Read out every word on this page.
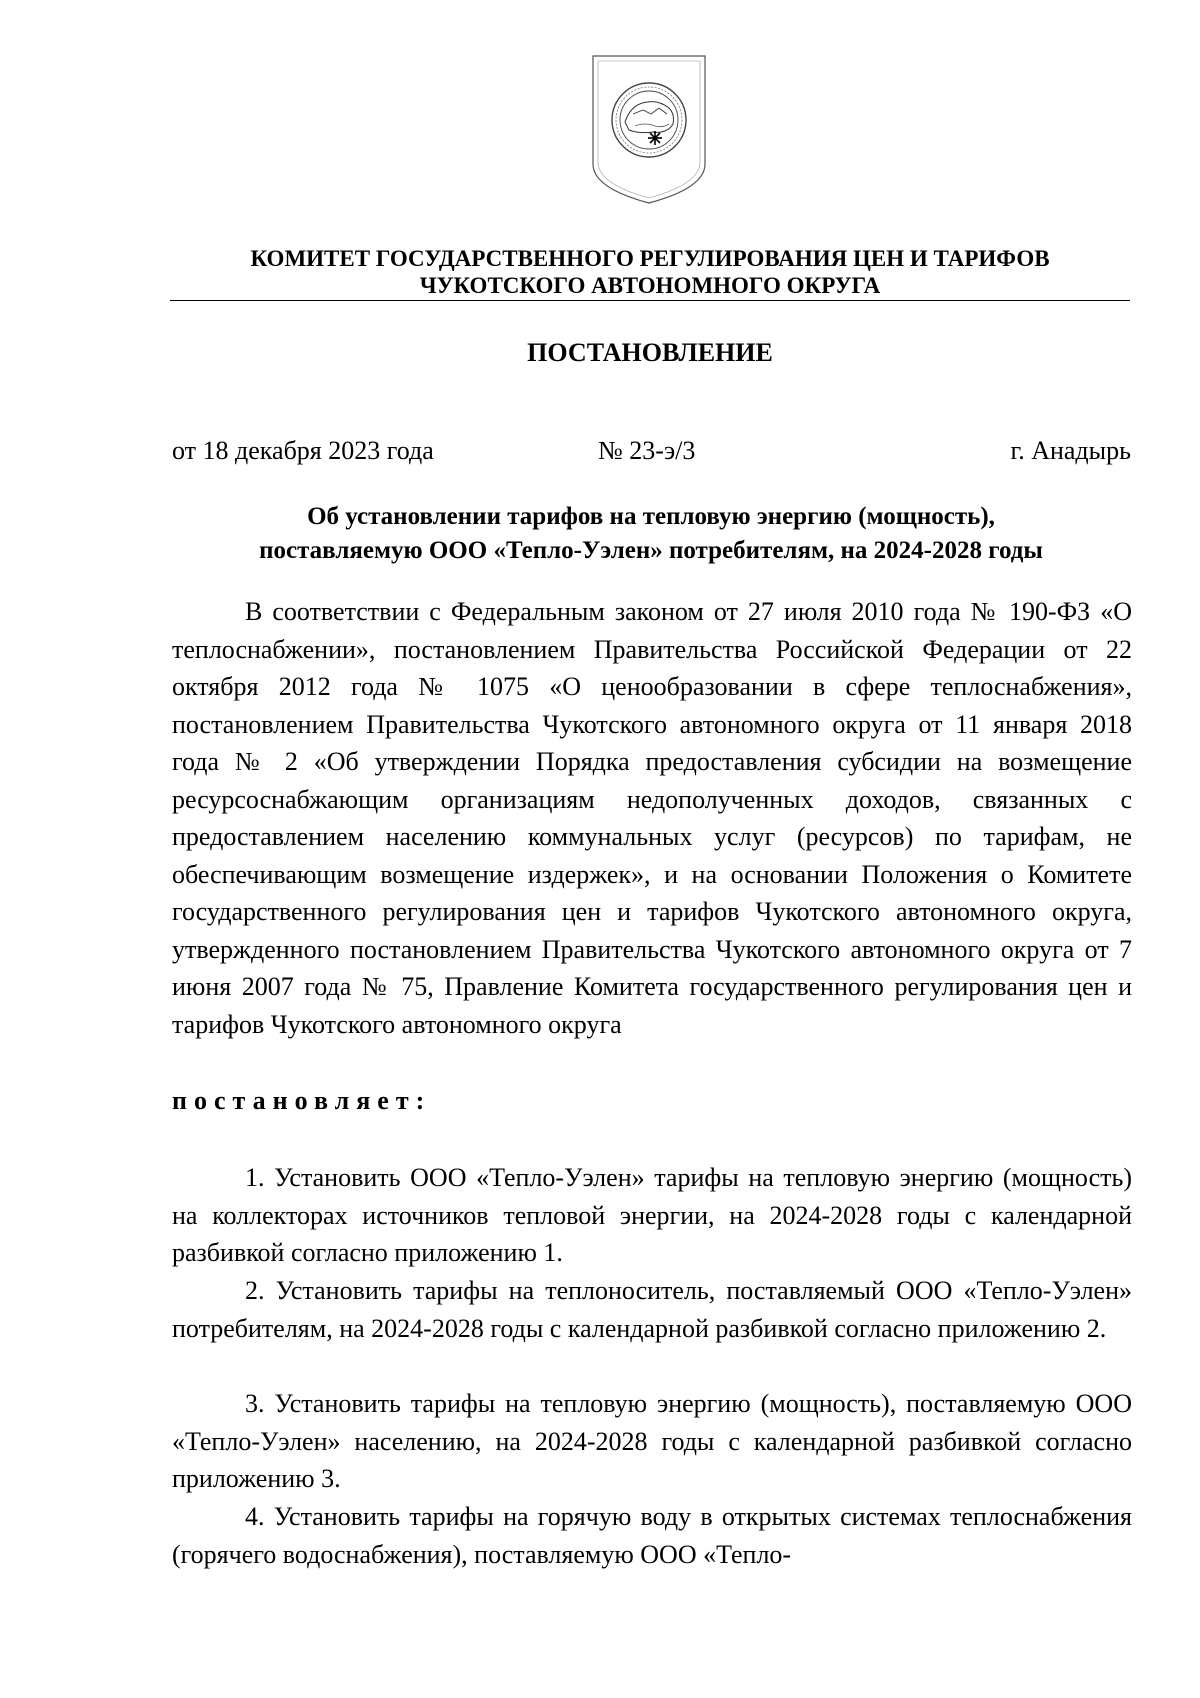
КОМИТЕТ ГОСУДАРСТВЕННОГО РЕГУЛИРОВАНИЯ ЦЕН И ТАРИФОВ
ЧУКОТСКОГО АВТОНОМНОГО ОКРУГА
ПОСТАНОВЛЕНИЕ
от 18 декабря 2023 года	№ 23-э/3	г. Анадырь
Об установлении тарифов на тепловую энергию (мощность),
поставляемую ООО «Тепло-Уэлен» потребителям, на 2024-2028 годы

В соответствии с Федеральным законом от 27 июля 2010 года № 190-ФЗ «О теплоснабжении», постановлением Правительства Российской Федерации от 22 октября 2012 года № 1075 «О ценообразовании в сфере теплоснабжения», постановлением Правительства Чукотского автономного округа от 11 января 2018 года № 2 «Об утверждении Порядка предоставления субсидии на возмещение ресурсоснабжающим организациям недополученных доходов, связанных с предоставлением населению коммунальных услуг (ресурсов) по тарифам, не обеспечивающим возмещение издержек», и на основании Положения о Комитете государственного регулирования цен и тарифов Чукотского автономного округа, утвержденного постановлением Правительства Чукотского автономного округа от 7 июня 2007 года № 75, Правление Комитета государственного регулирования цен и тарифов Чукотского автономного округа

постановляет:

1. Установить ООО «Тепло-Уэлен» тарифы на тепловую энергию (мощность) на коллекторах источников тепловой энергии, на 2024-2028 годы с календарной разбивкой согласно приложению 1.

2. Установить тарифы на теплоноситель, поставляемый ООО «Тепло-Уэлен» потребителям, на 2024-2028 годы с календарной разбивкой согласно приложению 2.

3. Установить тарифы на тепловую энергию (мощность), поставляемую ООО «Тепло-Уэлен» населению, на 2024-2028 годы с календарной разбивкой согласно приложению 3.

4. Установить тарифы на горячую воду в открытых системах теплоснабжения (горячего водоснабжения), поставляемую ООО «Тепло-
